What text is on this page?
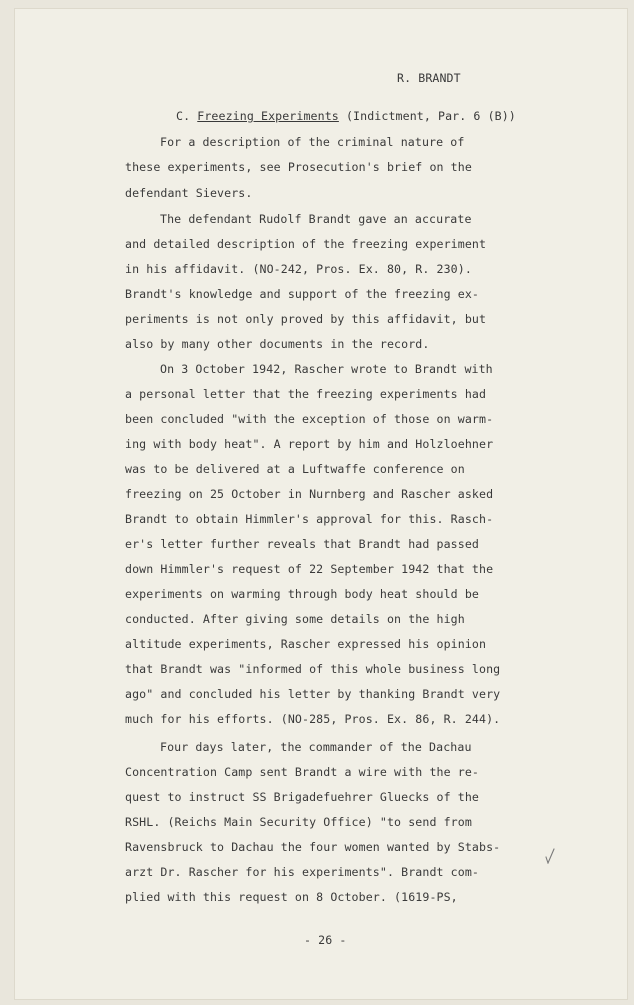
R. BRANDT
C. Freezing Experiments (Indictment, Par. 6 (B))
For a description of the criminal nature of
these experiments, see Prosecution's brief on the
defendant Sievers.
The defendant Rudolf Brandt gave an accurate
and detailed description of the freezing experiment
in his affidavit. (NO-242, Pros. Ex. 80, R. 230).
Brandt's knowledge and support of the freezing ex-
periments is not only proved by this affidavit, but
also by many other documents in the record.
On 3 October 1942, Rascher wrote to Brandt with
a personal letter that the freezing experiments had
been concluded "with the exception of those on warm-
ing with body heat". A report by him and Holzloehner
was to be delivered at a Luftwaffe conference on
freezing on 25 October in Nurnberg and Rascher asked
Brandt to obtain Himmler's approval for this. Rasch-
er's letter further reveals that Brandt had passed
down Himmler's request of 22 September 1942 that the
experiments on warming through body heat should be
conducted. After giving some details on the high
altitude experiments, Rascher expressed his opinion
that Brandt was "informed of this whole business long
ago" and concluded his letter by thanking Brandt very
much for his efforts. (NO-285, Pros. Ex. 86, R. 244).
Four days later, the commander of the Dachau
Concentration Camp sent Brandt a wire with the re-
quest to instruct SS Brigadefuehrer Gluecks of the
RSHL. (Reichs Main Security Office) "to send from
Ravensbruck to Dachau the four women wanted by Stabs-
arzt Dr. Rascher for his experiments". Brandt com-
plied with this request on 8 October. (1619-PS,
- 26 -
